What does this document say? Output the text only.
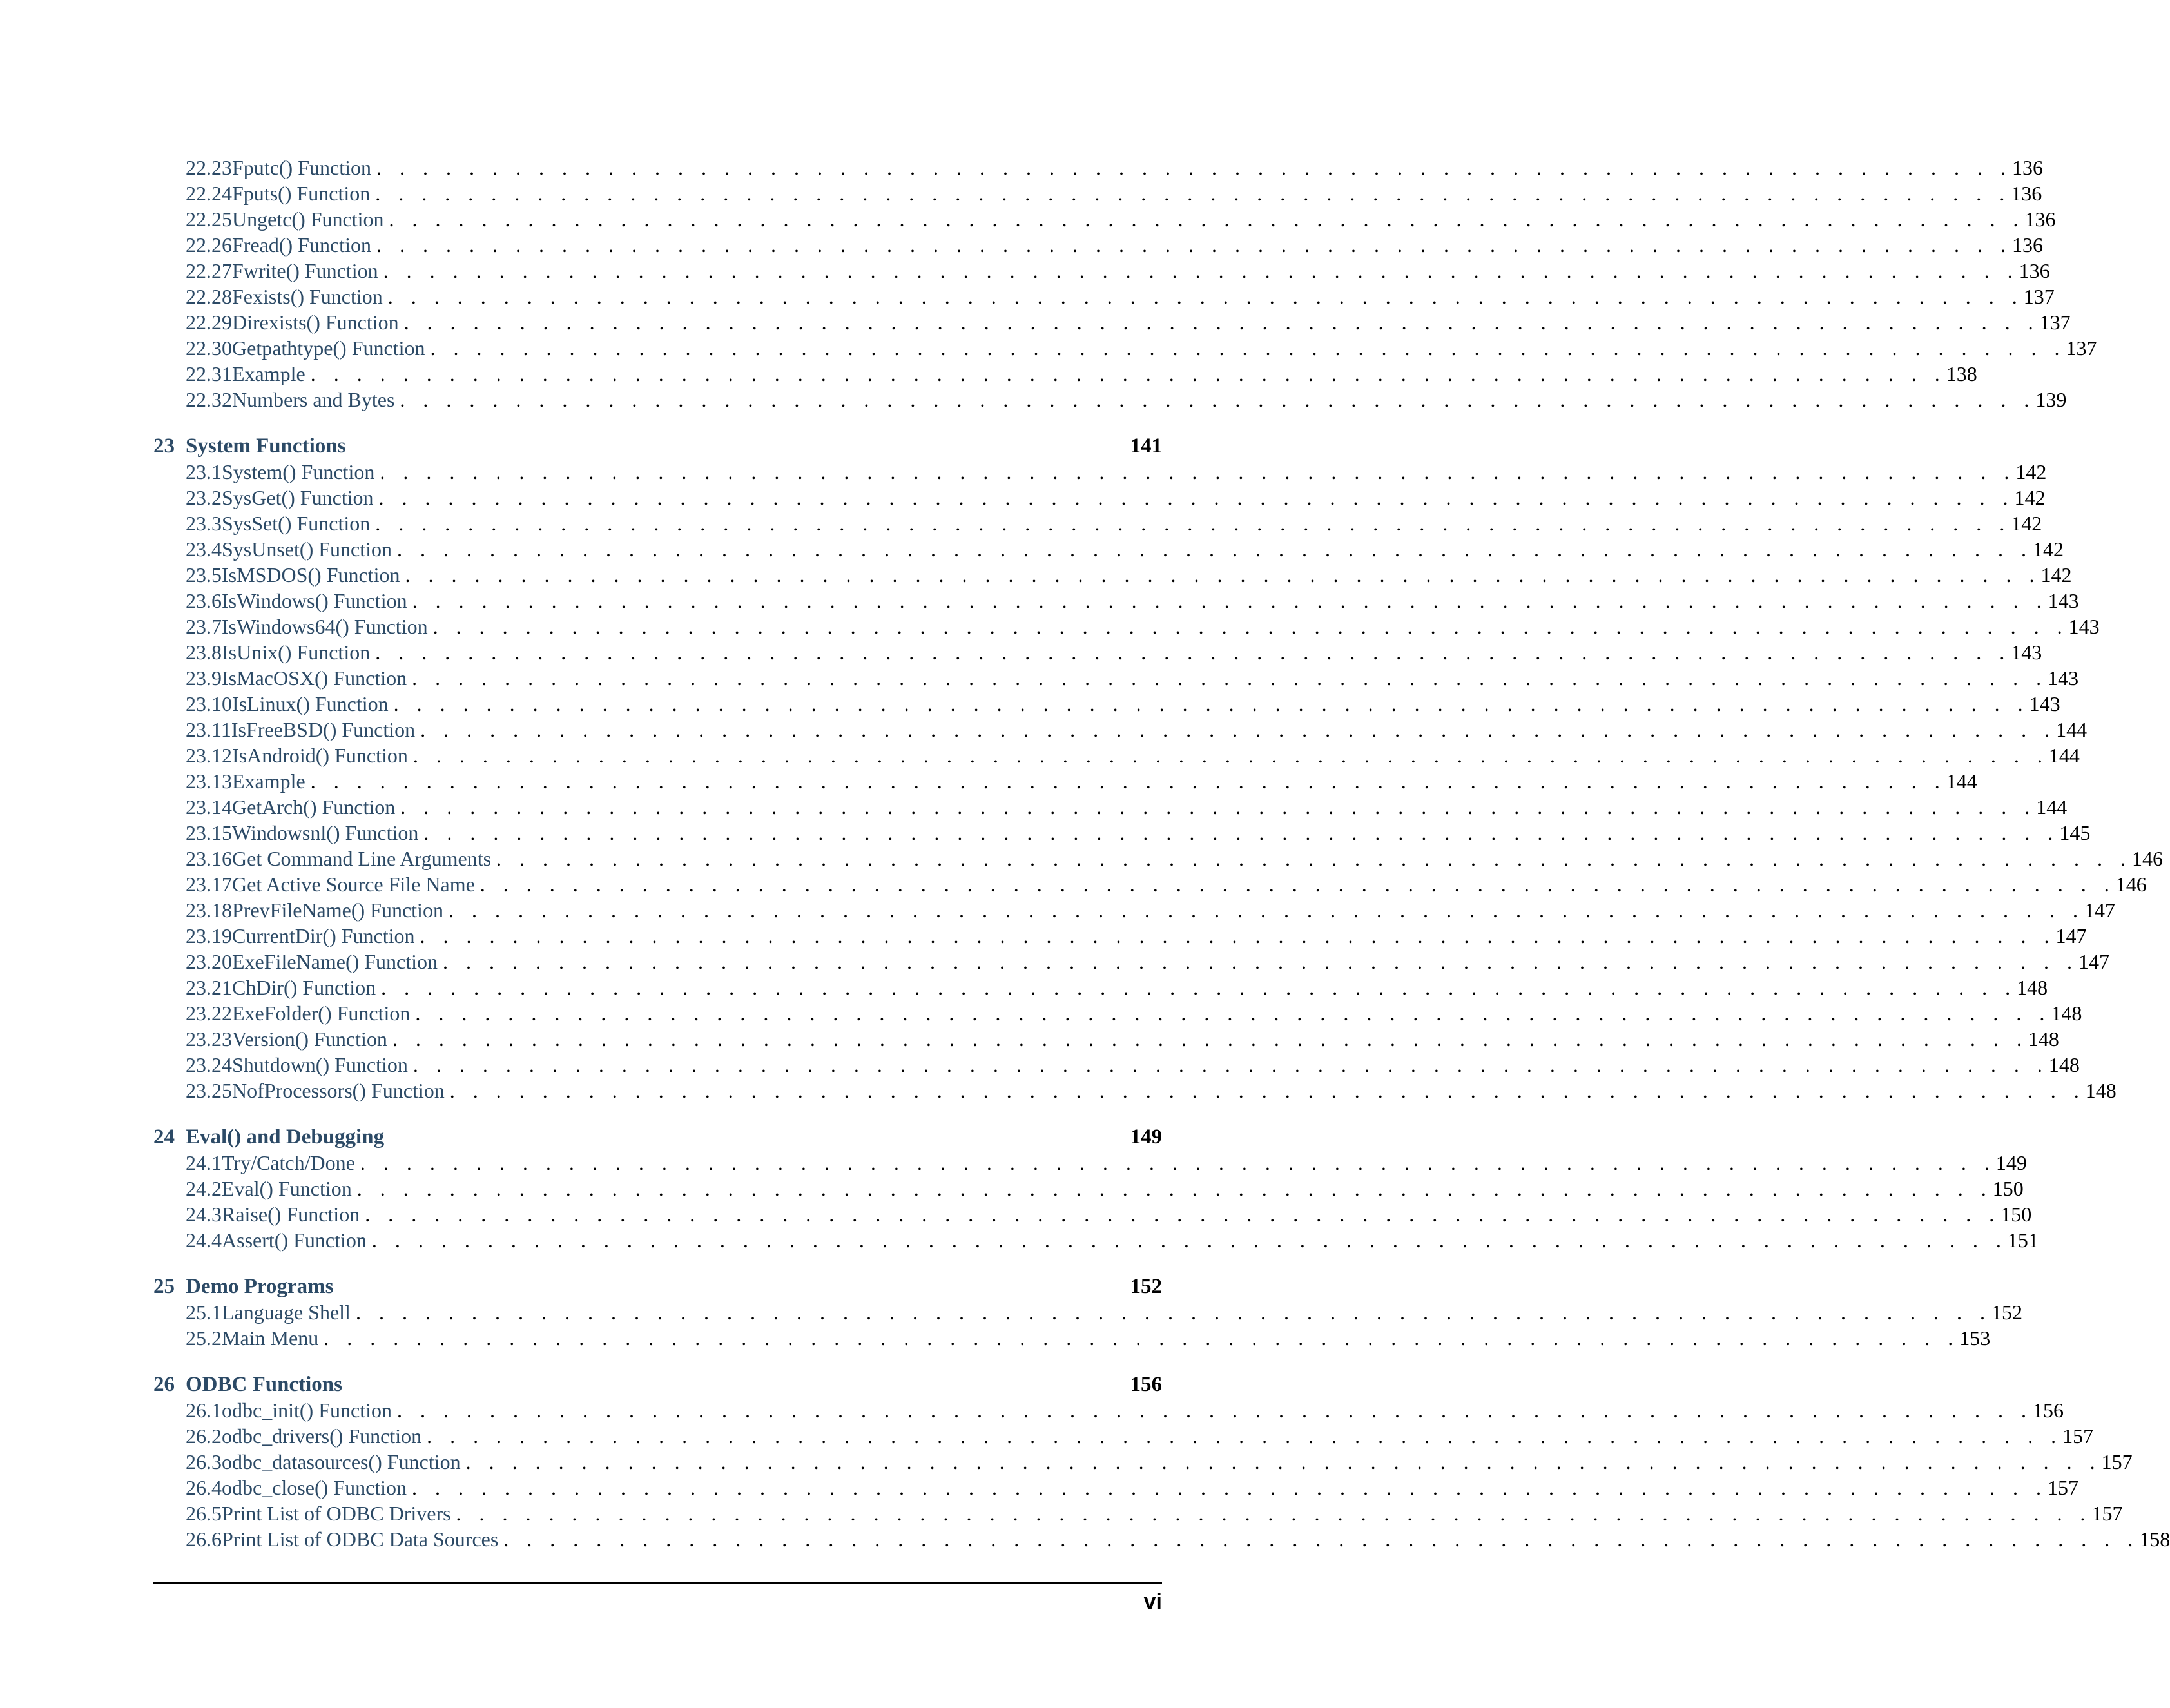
22.23 Fputc() Function . . . . . . . . . . . . . . . . . . . . . . . . . . . . . . . . . . . . . . . . . . . . . . . . . . . . . . . . . . . . . . . . . . . . . . . 136
22.24 Fputs() Function . . . . . . . . . . . . . . . . . . . . . . . . . . . . . . . . . . . . . . . . . . . . . . . . . . . . . . . . . . . . . . . . . . . . . . . 136
22.25 Ungetc() Function . . . . . . . . . . . . . . . . . . . . . . . . . . . . . . . . . . . . . . . . . . . . . . . . . . . . . . . . . . . . . . . . . . . . . . . 136
22.26 Fread() Function . . . . . . . . . . . . . . . . . . . . . . . . . . . . . . . . . . . . . . . . . . . . . . . . . . . . . . . . . . . . . . . . . . . . . . . 136
22.27 Fwrite() Function . . . . . . . . . . . . . . . . . . . . . . . . . . . . . . . . . . . . . . . . . . . . . . . . . . . . . . . . . . . . . . . . . . . . . . . 136
22.28 Fexists() Function . . . . . . . . . . . . . . . . . . . . . . . . . . . . . . . . . . . . . . . . . . . . . . . . . . . . . . . . . . . . . . . . . . . . . . . 137
22.29 Direxists() Function . . . . . . . . . . . . . . . . . . . . . . . . . . . . . . . . . . . . . . . . . . . . . . . . . . . . . . . . . . . . . . . . . . . . . . . 137
22.30 Getpathtype() Function . . . . . . . . . . . . . . . . . . . . . . . . . . . . . . . . . . . . . . . . . . . . . . . . . . . . . . . . . . . . . . . . . . . . . . . 137
22.31 Example . . . . . . . . . . . . . . . . . . . . . . . . . . . . . . . . . . . . . . . . . . . . . . . . . . . . . . . . . . . . . . . . . . . . . . . 138
22.32 Numbers and Bytes . . . . . . . . . . . . . . . . . . . . . . . . . . . . . . . . . . . . . . . . . . . . . . . . . . . . . . . . . . . . . . . . . . . . . . . 139
23 System Functions	141
23.1 System() Function . . . . . . . . . . . . . . . . . . . . . . . . . . . . . . . . . . . . . . . . . . . . . . . . . . . . . . . . . . . . . . . . . . . . . . . 142
23.2 SysGet() Function . . . . . . . . . . . . . . . . . . . . . . . . . . . . . . . . . . . . . . . . . . . . . . . . . . . . . . . . . . . . . . . . . . . . . . . 142
23.3 SysSet() Function . . . . . . . . . . . . . . . . . . . . . . . . . . . . . . . . . . . . . . . . . . . . . . . . . . . . . . . . . . . . . . . . . . . . . . . 142
23.4 SysUnset() Function . . . . . . . . . . . . . . . . . . . . . . . . . . . . . . . . . . . . . . . . . . . . . . . . . . . . . . . . . . . . . . . . . . . . . . . 142
23.5 IsMSDOS() Function . . . . . . . . . . . . . . . . . . . . . . . . . . . . . . . . . . . . . . . . . . . . . . . . . . . . . . . . . . . . . . . . . . . . . . . 142
23.6 IsWindows() Function . . . . . . . . . . . . . . . . . . . . . . . . . . . . . . . . . . . . . . . . . . . . . . . . . . . . . . . . . . . . . . . . . . . . . . . 143
23.7 IsWindows64() Function . . . . . . . . . . . . . . . . . . . . . . . . . . . . . . . . . . . . . . . . . . . . . . . . . . . . . . . . . . . . . . . . . . . . . . . 143
23.8 IsUnix() Function . . . . . . . . . . . . . . . . . . . . . . . . . . . . . . . . . . . . . . . . . . . . . . . . . . . . . . . . . . . . . . . . . . . . . . . 143
23.9 IsMacOSX() Function . . . . . . . . . . . . . . . . . . . . . . . . . . . . . . . . . . . . . . . . . . . . . . . . . . . . . . . . . . . . . . . . . . . . . . . 143
23.10 IsLinux() Function . . . . . . . . . . . . . . . . . . . . . . . . . . . . . . . . . . . . . . . . . . . . . . . . . . . . . . . . . . . . . . . . . . . . . . . 143
23.11 IsFreeBSD() Function . . . . . . . . . . . . . . . . . . . . . . . . . . . . . . . . . . . . . . . . . . . . . . . . . . . . . . . . . . . . . . . . . . . . . . . 144
23.12 IsAndroid() Function . . . . . . . . . . . . . . . . . . . . . . . . . . . . . . . . . . . . . . . . . . . . . . . . . . . . . . . . . . . . . . . . . . . . . . . 144
23.13 Example . . . . . . . . . . . . . . . . . . . . . . . . . . . . . . . . . . . . . . . . . . . . . . . . . . . . . . . . . . . . . . . . . . . . . . . 144
23.14 GetArch() Function . . . . . . . . . . . . . . . . . . . . . . . . . . . . . . . . . . . . . . . . . . . . . . . . . . . . . . . . . . . . . . . . . . . . . . . 144
23.15 Windowsnl() Function . . . . . . . . . . . . . . . . . . . . . . . . . . . . . . . . . . . . . . . . . . . . . . . . . . . . . . . . . . . . . . . . . . . . . . . 145
23.16 Get Command Line Arguments . . . . . . . . . . . . . . . . . . . . . . . . . . . . . . . . . . . . . . . . . . . . . . . . . . . . . . . . . . . . . . . . . . . . . . . 146
23.17 Get Active Source File Name . . . . . . . . . . . . . . . . . . . . . . . . . . . . . . . . . . . . . . . . . . . . . . . . . . . . . . . . . . . . . . . . . . . . . . . 146
23.18 PrevFileName() Function . . . . . . . . . . . . . . . . . . . . . . . . . . . . . . . . . . . . . . . . . . . . . . . . . . . . . . . . . . . . . . . . . . . . . . . 147
23.19 CurrentDir() Function . . . . . . . . . . . . . . . . . . . . . . . . . . . . . . . . . . . . . . . . . . . . . . . . . . . . . . . . . . . . . . . . . . . . . . . 147
23.20 ExeFileName() Function . . . . . . . . . . . . . . . . . . . . . . . . . . . . . . . . . . . . . . . . . . . . . . . . . . . . . . . . . . . . . . . . . . . . . . . 147
23.21 ChDir() Function . . . . . . . . . . . . . . . . . . . . . . . . . . . . . . . . . . . . . . . . . . . . . . . . . . . . . . . . . . . . . . . . . . . . . . . 148
23.22 ExeFolder() Function . . . . . . . . . . . . . . . . . . . . . . . . . . . . . . . . . . . . . . . . . . . . . . . . . . . . . . . . . . . . . . . . . . . . . . . 148
23.23 Version() Function . . . . . . . . . . . . . . . . . . . . . . . . . . . . . . . . . . . . . . . . . . . . . . . . . . . . . . . . . . . . . . . . . . . . . . . 148
23.24 Shutdown() Function . . . . . . . . . . . . . . . . . . . . . . . . . . . . . . . . . . . . . . . . . . . . . . . . . . . . . . . . . . . . . . . . . . . . . . . 148
23.25 NofProcessors() Function . . . . . . . . . . . . . . . . . . . . . . . . . . . . . . . . . . . . . . . . . . . . . . . . . . . . . . . . . . . . . . . . . . . . . . . 148
24 Eval() and Debugging	149
24.1 Try/Catch/Done . . . . . . . . . . . . . . . . . . . . . . . . . . . . . . . . . . . . . . . . . . . . . . . . . . . . . . . . . . . . . . . . . . . . . . . 149
24.2 Eval() Function . . . . . . . . . . . . . . . . . . . . . . . . . . . . . . . . . . . . . . . . . . . . . . . . . . . . . . . . . . . . . . . . . . . . . . . 150
24.3 Raise() Function . . . . . . . . . . . . . . . . . . . . . . . . . . . . . . . . . . . . . . . . . . . . . . . . . . . . . . . . . . . . . . . . . . . . . . . 150
24.4 Assert() Function . . . . . . . . . . . . . . . . . . . . . . . . . . . . . . . . . . . . . . . . . . . . . . . . . . . . . . . . . . . . . . . . . . . . . . . 151
25 Demo Programs	152
25.1 Language Shell . . . . . . . . . . . . . . . . . . . . . . . . . . . . . . . . . . . . . . . . . . . . . . . . . . . . . . . . . . . . . . . . . . . . . . . 152
25.2 Main Menu . . . . . . . . . . . . . . . . . . . . . . . . . . . . . . . . . . . . . . . . . . . . . . . . . . . . . . . . . . . . . . . . . . . . . . . 153
26 ODBC Functions	156
26.1 odbc_init() Function . . . . . . . . . . . . . . . . . . . . . . . . . . . . . . . . . . . . . . . . . . . . . . . . . . . . . . . . . . . . . . . . . . . . . . . 156
26.2 odbc_drivers() Function . . . . . . . . . . . . . . . . . . . . . . . . . . . . . . . . . . . . . . . . . . . . . . . . . . . . . . . . . . . . . . . . . . . . . . . 157
26.3 odbc_datasources() Function . . . . . . . . . . . . . . . . . . . . . . . . . . . . . . . . . . . . . . . . . . . . . . . . . . . . . . . . . . . . . . . . . . . . . . . 157
26.4 odbc_close() Function . . . . . . . . . . . . . . . . . . . . . . . . . . . . . . . . . . . . . . . . . . . . . . . . . . . . . . . . . . . . . . . . . . . . . . . 157
26.5 Print List of ODBC Drivers . . . . . . . . . . . . . . . . . . . . . . . . . . . . . . . . . . . . . . . . . . . . . . . . . . . . . . . . . . . . . . . . . . . . . . . 157
26.6 Print List of ODBC Data Sources . . . . . . . . . . . . . . . . . . . . . . . . . . . . . . . . . . . . . . . . . . . . . . . . . . . . . . . . . . . . . . . . . . . . . . . 158
vi
